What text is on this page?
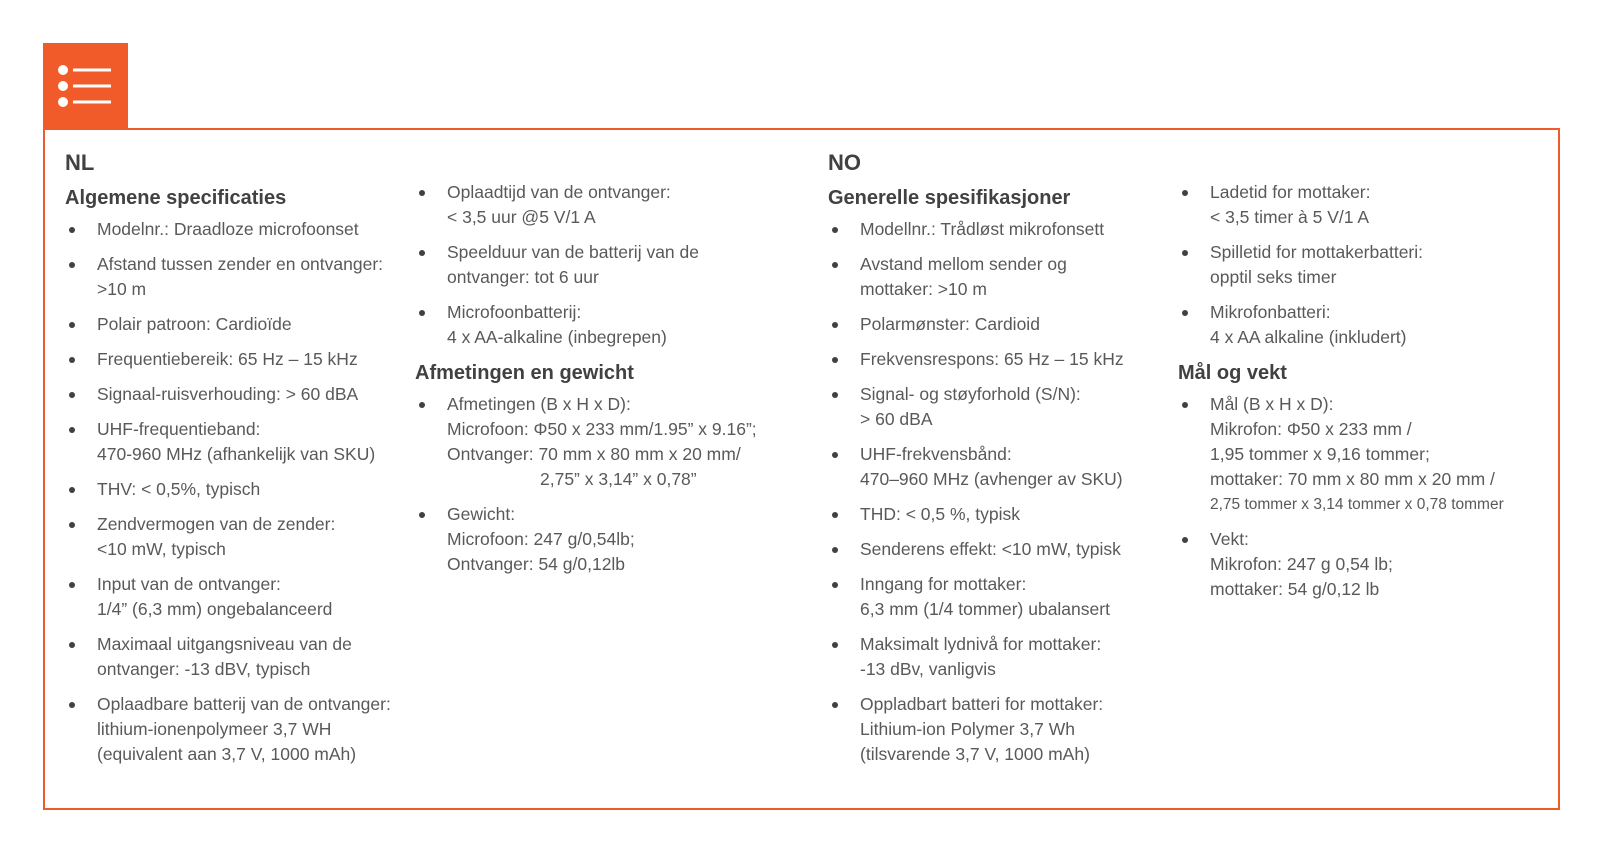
NL
Algemene specificaties
Modelnr.: Draadloze microfoonset
Afstand tussen zender en ontvanger:
>10 m
Polair patroon: Cardioïde
Frequentiebereik: 65 Hz – 15 kHz
Signaal-ruisverhouding: > 60 dBA
UHF-frequentieband:
470-960 MHz (afhankelijk van SKU)
THV: < 0,5%, typisch
Zendvermogen van de zender:
<10 mW, typisch
Input van de ontvanger:
1/4” (6,3 mm) ongebalanceerd
Maximaal uitgangsniveau van de
ontvanger: -13 dBV, typisch
Oplaadbare batterij van de ontvanger:
lithium-ionenpolymeer 3,7 WH
(equivalent aan 3,7 V, 1000 mAh)
Oplaadtijd van de ontvanger:
< 3,5 uur @5 V/1 A
Speelduur van de batterij van de
ontvanger: tot 6 uur
Microfoonbatterij:
4 x AA-alkaline (inbegrepen)
Afmetingen en gewicht
Afmetingen (B x H x D):
Microfoon: Φ50 x 233 mm/1.95” x 9.16”;
Ontvanger: 70 mm x 80 mm x 20 mm/
2,75” x 3,14” x 0,78”
Gewicht:
Microfoon: 247 g/0,54lb;
Ontvanger: 54 g/0,12lb
NO
Generelle spesifikasjoner
Modellnr.: Trådløst mikrofonsett
Avstand mellom sender og
mottaker: >10 m
Polarmønster: Cardioid
Frekvensrespons: 65 Hz – 15 kHz
Signal- og støyforhold (S/N):
> 60 dBA
UHF-frekvensbånd:
470–960 MHz (avhenger av SKU)
THD: < 0,5 %, typisk
Senderens effekt: <10 mW, typisk
Inngang for mottaker:
6,3 mm (1/4 tommer) ubalansert
Maksimalt lydnivå for mottaker:
-13 dBv, vanligvis
Oppladbart batteri for mottaker:
Lithium-ion Polymer 3,7 Wh
(tilsvarende 3,7 V, 1000 mAh)
Ladetid for mottaker:
< 3,5 timer à 5 V/1 A
Spilletid for mottakerbatteri:
opptil seks timer
Mikrofonbatteri:
4 x AA alkaline (inkludert)
Mål og vekt
Mål (B x H x D):
Mikrofon: Φ50 x 233 mm /
1,95 tommer x 9,16 tommer;
mottaker: 70 mm x 80 mm x 20 mm /
2,75 tommer x 3,14 tommer x 0,78 tommer
Vekt:
Mikrofon: 247 g 0,54 lb;
mottaker: 54 g/0,12 lb
